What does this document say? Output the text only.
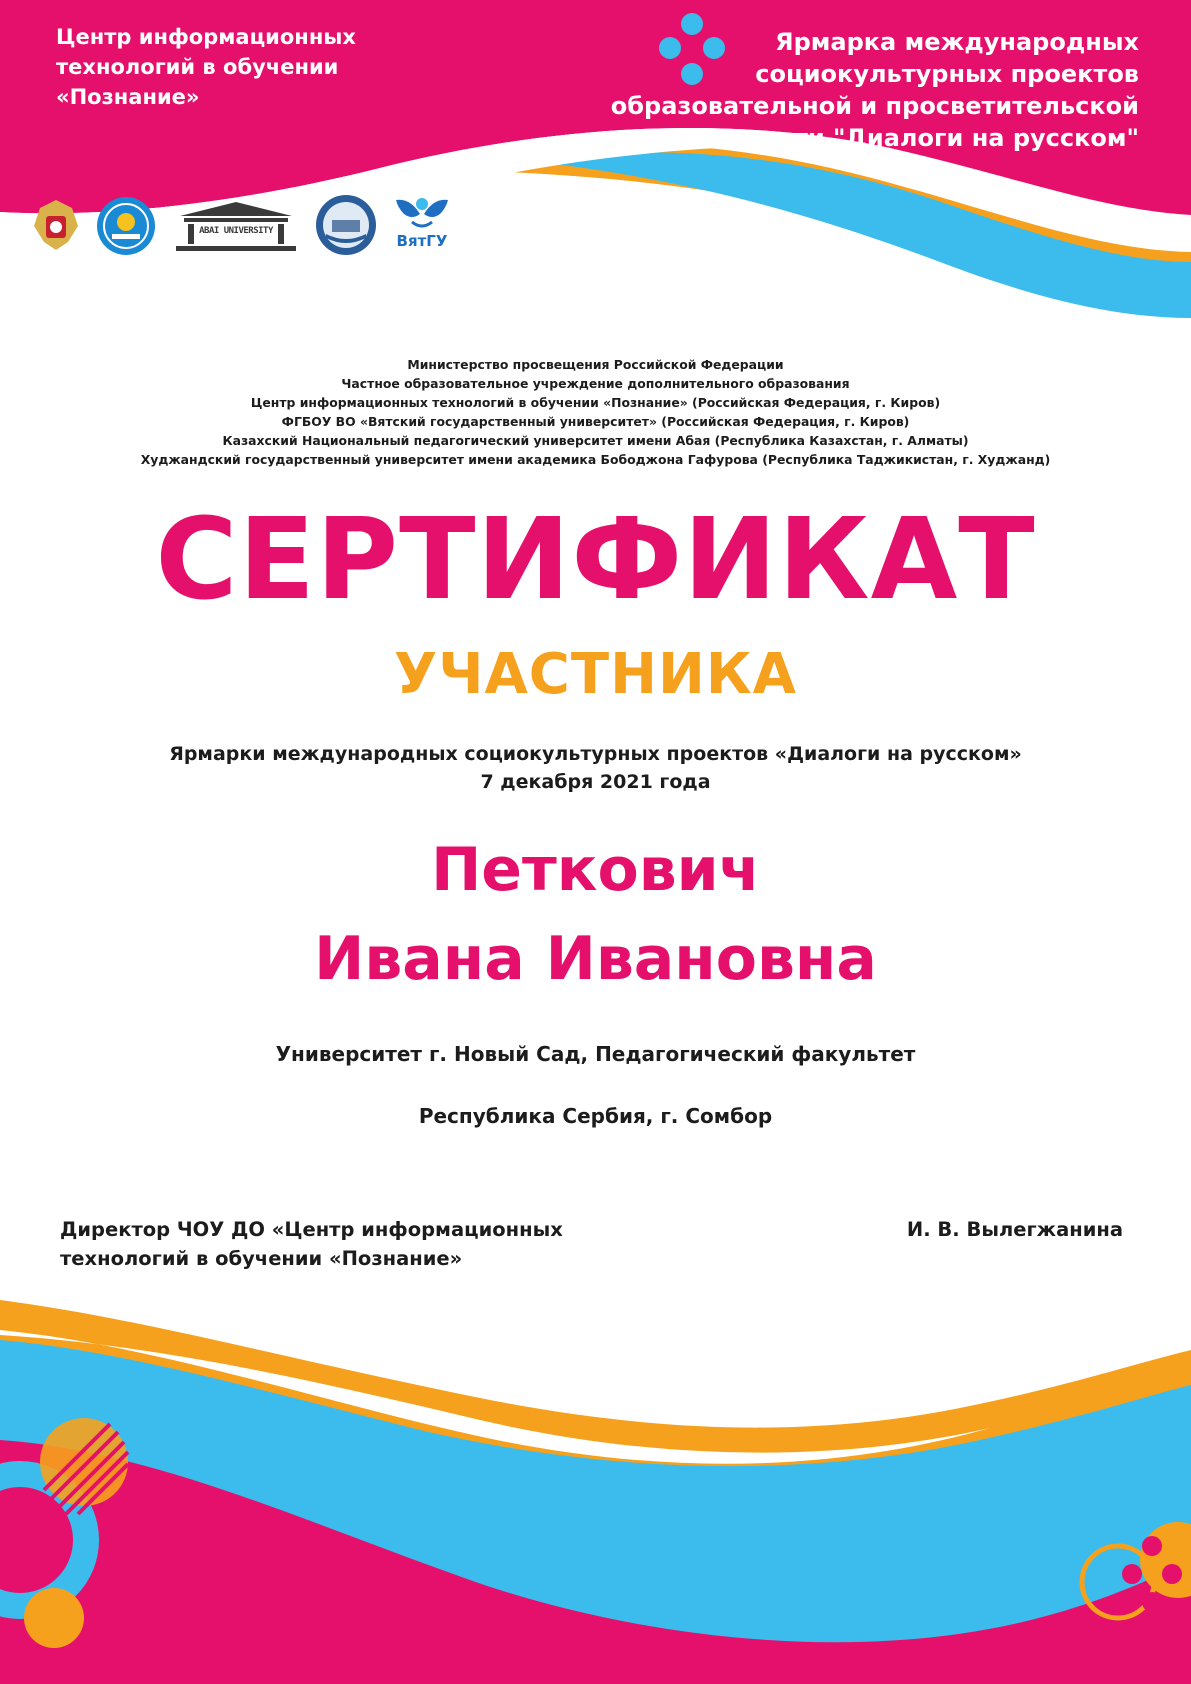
Центр информационных
технологий в обучении
«Познание»
Ярмарка международных
социокультурных проектов
образовательной и просветительской
направленности "Диалоги на русском"
ABAI UNIVERSITY
ВятГУ
Министерство просвещения Российской Федерации
Частное образовательное учреждение дополнительного образования
Центр информационных технологий в обучении «Познание» (Российская Федерация, г. Киров)
ФГБОУ ВО «Вятский государственный университет» (Российская Федерация, г. Киров)
Казахский Национальный педагогический университет имени Абая (Республика Казахстан, г. Алматы)
Худжандский государственный университет имени академика Бободжона Гафурова (Республика Таджикистан, г. Худжанд)
СЕРТИФИКАТ
УЧАСТНИКА
Ярмарки международных социокультурных проектов «Диалоги на русском»
7 декабря 2021 года
Петкович
Ивана Ивановна
Университет г. Новый Сад, Педагогический факультет
Республика Сербия, г. Сомбор
Директор ЧОУ ДО «Центр информационных
технологий в обучении «Познание»
И. В. Вылегжанина
